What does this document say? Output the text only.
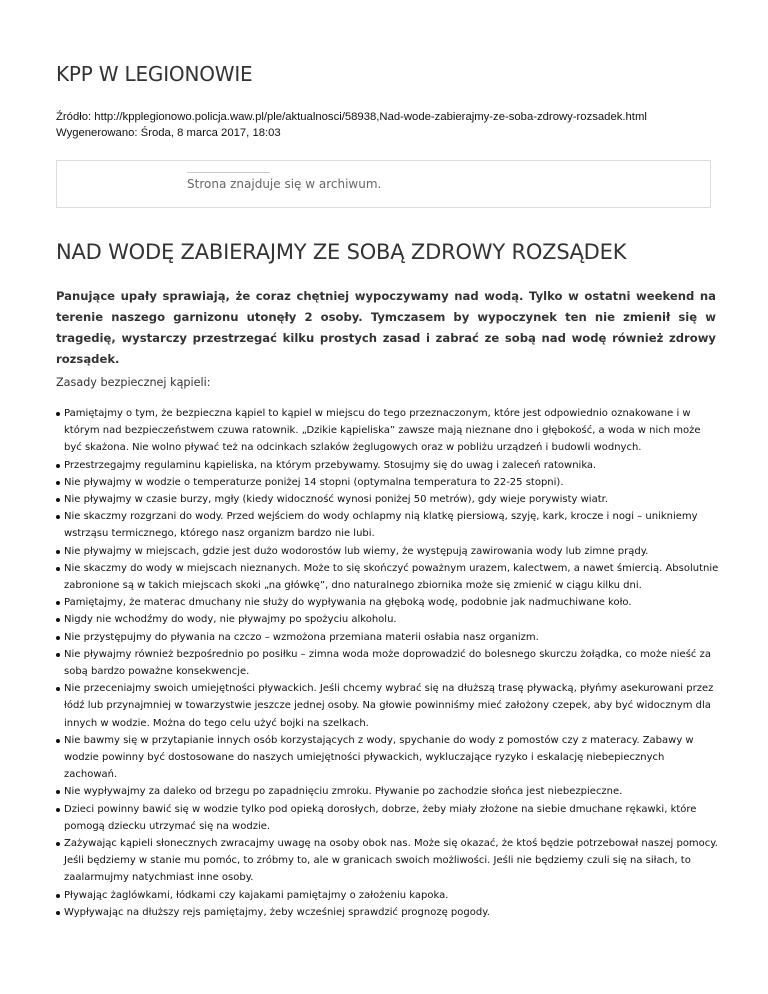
KPP W LEGIONOWIE
Źródło: http://kpplegionowo.policja.waw.pl/ple/aktualnosci/58938,Nad-wode-zabierajmy-ze-soba-zdrowy-rozsadek.html
Wygenerowano: Środa, 8 marca 2017, 18:03
Strona znajduje się w archiwum.
NAD WODĘ ZABIERAJMY ZE SOBĄ ZDROWY ROZSĄDEK

Panujące upały sprawiają, że coraz chętniej wypoczywamy nad wodą. Tylko w ostatni weekend na terenie naszego garnizonu utonęły 2 osoby. Tymczasem by wypoczynek ten nie zmienił się w tragedię, wystarczy przestrzegać kilku prostych zasad i zabrać ze sobą nad wodę również zdrowy rozsądek.

Zasady bezpiecznej kąpieli:

Pamiętajmy o tym, że bezpieczna kąpiel to kąpiel w miejscu do tego przeznaczonym, które jest odpowiednio oznakowane i w którym nad bezpieczeństwem czuwa ratownik. „Dzikie kąpieliska” zawsze mają nieznane dno i głębokość, a woda w nich może być skażona. Nie wolno pływać też na odcinkach szlaków żeglugowych oraz w pobliżu urządzeń i budowli wodnych.
Przestrzegajmy regulaminu kąpieliska, na którym przebywamy. Stosujmy się do uwag i zaleceń ratownika.
Nie pływajmy w wodzie o temperaturze poniżej 14 stopni (optymalna temperatura to 22-25 stopni).
Nie pływajmy w czasie burzy, mgły (kiedy widoczność wynosi poniżej 50 metrów), gdy wieje porywisty wiatr.
Nie skaczmy rozgrzani do wody. Przed wejściem do wody ochlapmy nią klatkę piersiową, szyję, kark, krocze i nogi – unikniemy wstrząsu termicznego, którego nasz organizm bardzo nie lubi.
Nie pływajmy w miejscach, gdzie jest dużo wodorostów lub wiemy, że występują zawirowania wody lub zimne prądy.
Nie skaczmy do wody w miejscach nieznanych. Może to się skończyć poważnym urazem, kalectwem, a nawet śmiercią. Absolutnie zabronione są w takich miejscach skoki „na główkę”, dno naturalnego zbiornika może się zmienić w ciągu kilku dni.
Pamiętajmy, że materac dmuchany nie służy do wypływania na głęboką wodę, podobnie jak nadmuchiwane koło.
Nigdy nie wchodźmy do wody, nie pływajmy po spożyciu alkoholu.
Nie przystępujmy do pływania na czczo – wzmożona przemiana materii osłabia nasz organizm.
Nie pływajmy również bezpośrednio po posiłku – zimna woda może doprowadzić do bolesnego skurczu żołądka, co może nieść za sobą bardzo poważne konsekwencje.
Nie przeceniajmy swoich umiejętności pływackich. Jeśli chcemy wybrać się na dłuższą trasę pływacką, płyńmy asekurowani przez łódź lub przynajmniej w towarzystwie jeszcze jednej osoby. Na głowie powinniśmy mieć założony czepek, aby być widocznym dla innych w wodzie. Można do tego celu użyć bojki na szelkach.
Nie bawmy się w przytapianie innych osób korzystających z wody, spychanie do wody z pomostów czy z materacy. Zabawy w wodzie powinny być dostosowane do naszych umiejętności pływackich, wykluczające ryzyko i eskalację niebepiecznych zachowań.
Nie wypływajmy za daleko od brzegu po zapadnięciu zmroku. Pływanie po zachodzie słońca jest niebezpieczne.
Dzieci powinny bawić się w wodzie tylko pod opieką dorosłych, dobrze, żeby miały złożone na siebie dmuchane rękawki, które pomogą dziecku utrzymać się na wodzie.
Zażywając kąpieli słonecznych zwracajmy uwagę na osoby obok nas. Może się okazać, że ktoś będzie potrzebował naszej pomocy. Jeśli będziemy w stanie mu pomóc, to zróbmy to, ale w granicach swoich możliwości. Jeśli nie będziemy czuli się na siłach, to zaalarmujmy natychmiast inne osoby.
Pływając żaglówkami, łódkami czy kajakami pamiętajmy o założeniu kapoka.
Wypływając na dłuższy rejs pamiętajmy, żeby wcześniej sprawdzić prognozę pogody.
